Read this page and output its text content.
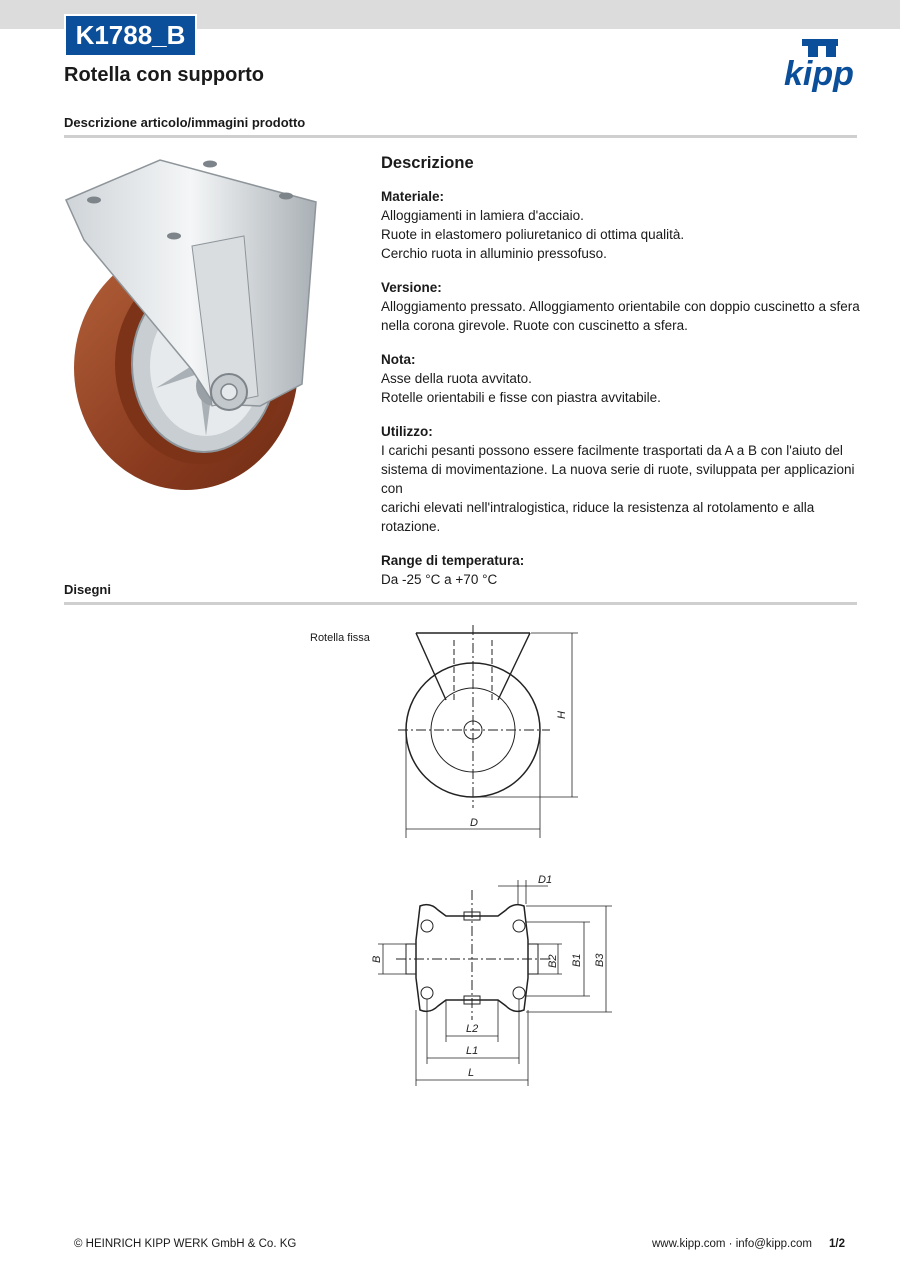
K1788_B
Rotella con supporto	kipp
Descrizione articolo/immagini prodotto
Descrizione
Materiale:
Alloggiamenti in lamiera d'acciaio.
Ruote in elastomero poliuretanico di ottima qualità.
Cerchio ruota in alluminio pressofuso.
Versione:
Alloggiamento pressato. Alloggiamento orientabile con doppio cuscinetto a sfera
nella corona girevole. Ruote con cuscinetto a sfera.
Nota:
Asse della ruota avvitato.
Rotelle orientabili e fisse con piastra avvitabile.
Utilizzo:
I carichi pesanti possono essere facilmente trasportati da A a B con l'aiuto del
sistema di movimentazione. La nuova serie di ruote, sviluppata per applicazioni con
carichi elevati nell'intralogistica, riduce la resistenza al rotolamento e alla rotazione.
Range di temperatura:
Da -25 °C a +70 °C
Disegni
Rotella fissa
D
H
D1
B	B2 B1 B3
L2
L1
L
© HEINRICH KIPP WERK GmbH & Co. KG	www.kipp.com · info@kipp.com 1/2
